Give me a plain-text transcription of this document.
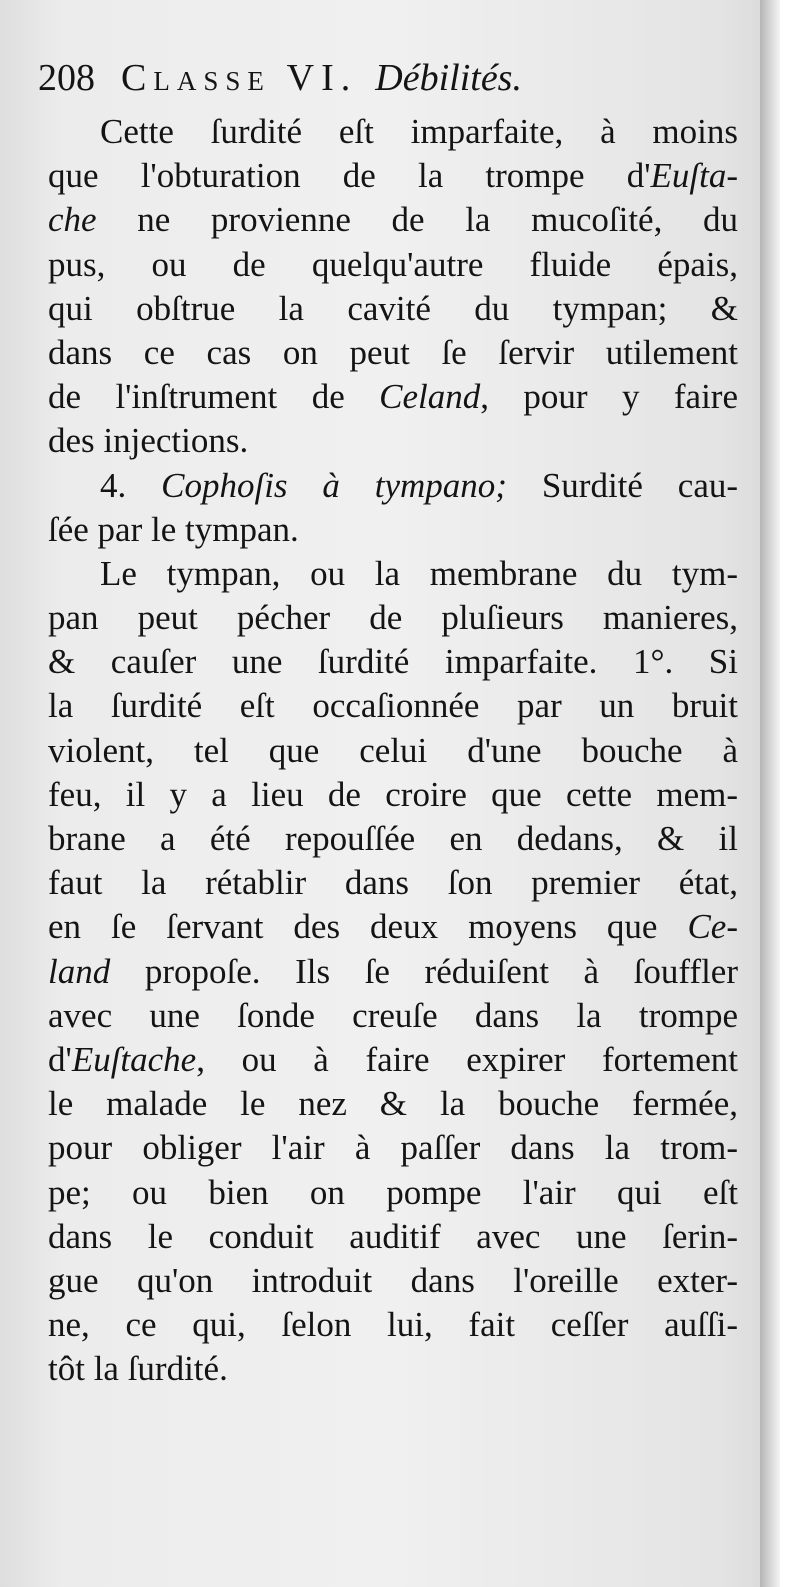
208 Classe VI. Débilités.
Cette ſurdité eſt imparfaite, à moins
que l'obturation de la trompe d'Euſta-
che ne provienne de la mucoſité, du
pus, ou de quelqu'autre fluide épais,
qui obſtrue la cavité du tympan; &
dans ce cas on peut ſe ſervir utilement
de l'inſtrument de Celand, pour y faire
des injections.
4. Cophoſis à tympano; Surdité cau-
ſée par le tympan.
Le tympan, ou la membrane du tym-
pan peut pécher de pluſieurs manieres,
& cauſer une ſurdité imparfaite. 1°. Si
la ſurdité eſt occaſionnée par un bruit
violent, tel que celui d'une bouche à
feu, il y a lieu de croire que cette mem-
brane a été repouſſée en dedans, & il
faut la rétablir dans ſon premier état,
en ſe ſervant des deux moyens que Ce-
land propoſe. Ils ſe réduiſent à ſouffler
avec une ſonde creuſe dans la trompe
d'Euſtache, ou à faire expirer fortement
le malade le nez & la bouche fermée,
pour obliger l'air à paſſer dans la trom-
pe; ou bien on pompe l'air qui eſt
dans le conduit auditif avec une ſerin-
gue qu'on introduit dans l'oreille exter-
ne, ce qui, ſelon lui, fait ceſſer auſſi-
tôt la ſurdité.
